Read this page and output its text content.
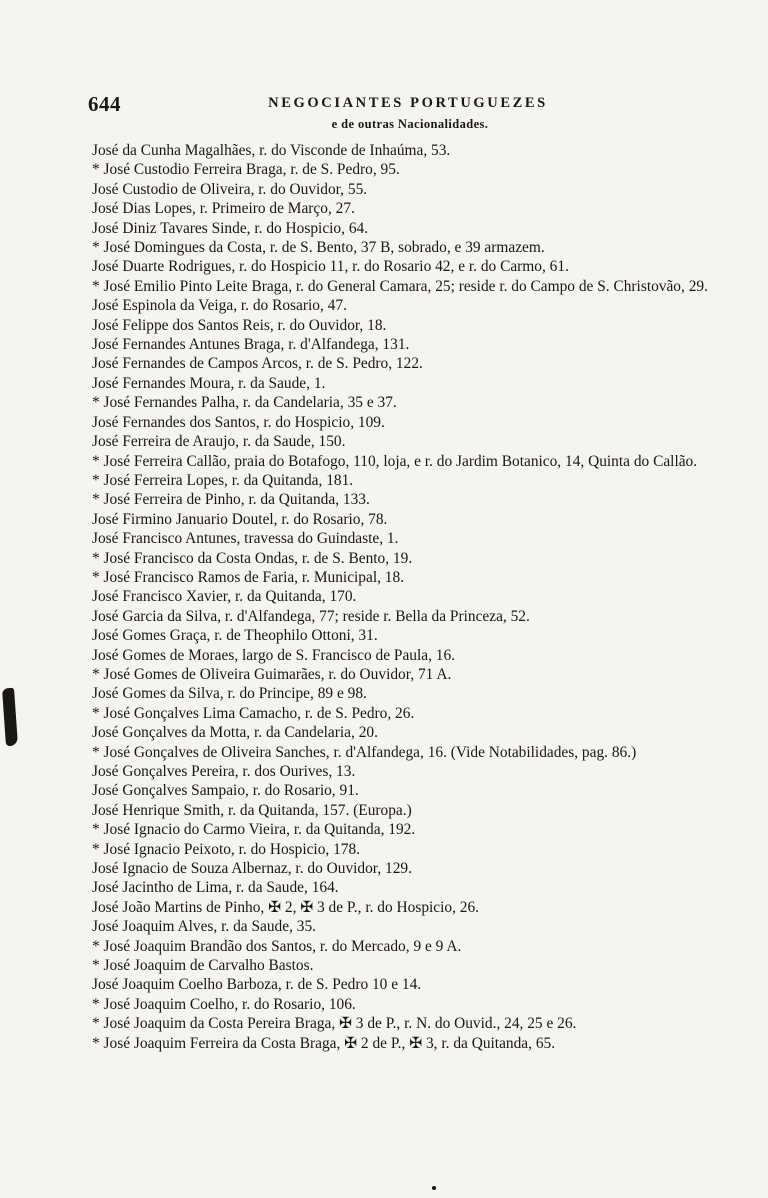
644	NEGOCIANTES PORTUGUEZES
e de outras Nacionalidades.

José da Cunha Magalhães, r. do Visconde de Inhaúma, 53.

* José Custodio Ferreira Braga, r. de S. Pedro, 95.

José Custodio de Oliveira, r. do Ouvidor, 55.

José Dias Lopes, r. Primeiro de Março, 27.

José Diniz Tavares Sinde, r. do Hospicio, 64.

* José Domingues da Costa, r. de S. Bento, 37 B, sobrado, e 39 armazem.

José Duarte Rodrigues, r. do Hospicio 11, r. do Rosario 42, e r. do Carmo, 61.

* José Emilio Pinto Leite Braga, r. do General Camara, 25; reside r. do Campo de S. Christovão, 29.

José Espinola da Veiga, r. do Rosario, 47.

José Felippe dos Santos Reis, r. do Ouvidor, 18.

José Fernandes Antunes Braga, r. d'Alfandega, 131.

José Fernandes de Campos Arcos, r. de S. Pedro, 122.

José Fernandes Moura, r. da Saude, 1.

* José Fernandes Palha, r. da Candelaria, 35 e 37.

José Fernandes dos Santos, r. do Hospicio, 109.

José Ferreira de Araujo, r. da Saude, 150.

* José Ferreira Callão, praia do Botafogo, 110, loja, e r. do Jardim Botanico, 14, Quinta do Callão.

* José Ferreira Lopes, r. da Quitanda, 181.

* José Ferreira de Pinho, r. da Quitanda, 133.

José Firmino Januario Doutel, r. do Rosario, 78.

José Francisco Antunes, travessa do Guindaste, 1.

* José Francisco da Costa Ondas, r. de S. Bento, 19.

* José Francisco Ramos de Faria, r. Municipal, 18.

José Francisco Xavier, r. da Quitanda, 170.

José Garcia da Silva, r. d'Alfandega, 77; reside r. Bella da Princeza, 52.

José Gomes Graça, r. de Theophilo Ottoni, 31.

José Gomes de Moraes, largo de S. Francisco de Paula, 16.

* José Gomes de Oliveira Guimarães, r. do Ouvidor, 71 A.

José Gomes da Silva, r. do Principe, 89 e 98.

* José Gonçalves Lima Camacho, r. de S. Pedro, 26.

José Gonçalves da Motta, r. da Candelaria, 20.

* José Gonçalves de Oliveira Sanches, r. d'Alfandega, 16. (Vide Notabilidades, pag. 86.)

José Gonçalves Pereira, r. dos Ourives, 13.

José Gonçalves Sampaio, r. do Rosario, 91.

José Henrique Smith, r. da Quitanda, 157. (Europa.)

* José Ignacio do Carmo Vieira, r. da Quitanda, 192.

* José Ignacio Peixoto, r. do Hospicio, 178.

José Ignacio de Souza Albernaz, r. do Ouvidor, 129.

José Jacintho de Lima, r. da Saude, 164.

José João Martins de Pinho, ✠ 2, ✠ 3 de P., r. do Hospicio, 26.

José Joaquim Alves, r. da Saude, 35.

* José Joaquim Brandão dos Santos, r. do Mercado, 9 e 9 A.

* José Joaquim de Carvalho Bastos.

José Joaquim Coelho Barboza, r. de S. Pedro 10 e 14.

* José Joaquim Coelho, r. do Rosario, 106.

* José Joaquim da Costa Pereira Braga, ✠ 3 de P., r. N. do Ouvid., 24, 25 e 26.

* José Joaquim Ferreira da Costa Braga, ✠ 2 de P., ✠ 3, r. da Quitanda, 65.
